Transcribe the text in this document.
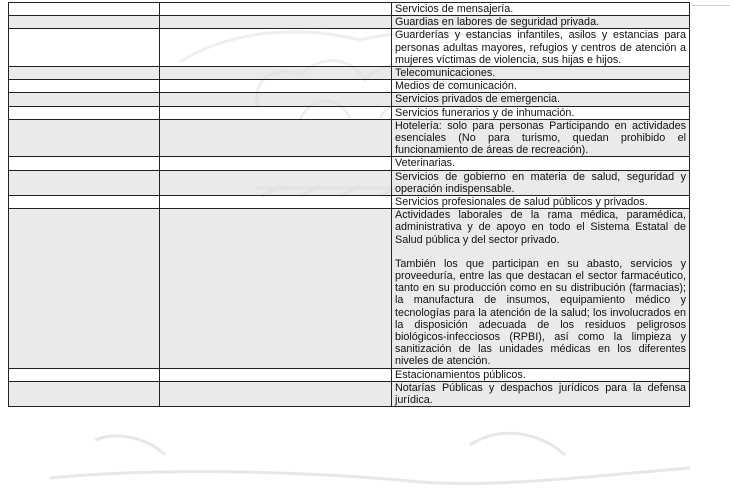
		Servicios de mensajería.

		Guardias en labores de seguridad privada.

		Guarderías y estancias infantiles, asilos y estancias para personas adultas mayores, refugios y centros de atención a mujeres víctimas de violencia, sus hijas e hijos.

		Telecomunicaciones.

		Medios de comunicación.

		Servicios privados de emergencia.

		Servicios funerarios y de inhumación.

		Hotelería: solo para personas Participando en actividades esenciales (No para turismo, quedan prohibido el funcionamiento de áreas de recreación).

		Veterinarias.

		Servicios de gobierno en materia de salud, seguridad y operación indispensable.

		Servicios profesionales de salud públicos y privados.

		Actividades laborales de la rama médica, paramédica, administrativa y de apoyo en todo el Sistema Estatal de Salud pública y del sector privado.

También los que participan en su abasto, servicios y proveeduría, entre las que destacan el sector farmacéutico, tanto en su producción como en su distribución (farmacias); la manufactura de insumos, equipamiento médico y tecnologías para la atención de la salud; los involucrados en la disposición adecuada de los residuos peligrosos biológicos-infecciosos (RPBI), así como la limpieza y sanitización de las unidades médicas en los diferentes niveles de atención.

		Estacionamientos públicos.

		Notarías Públicas y despachos jurídicos para la defensa jurídica.
